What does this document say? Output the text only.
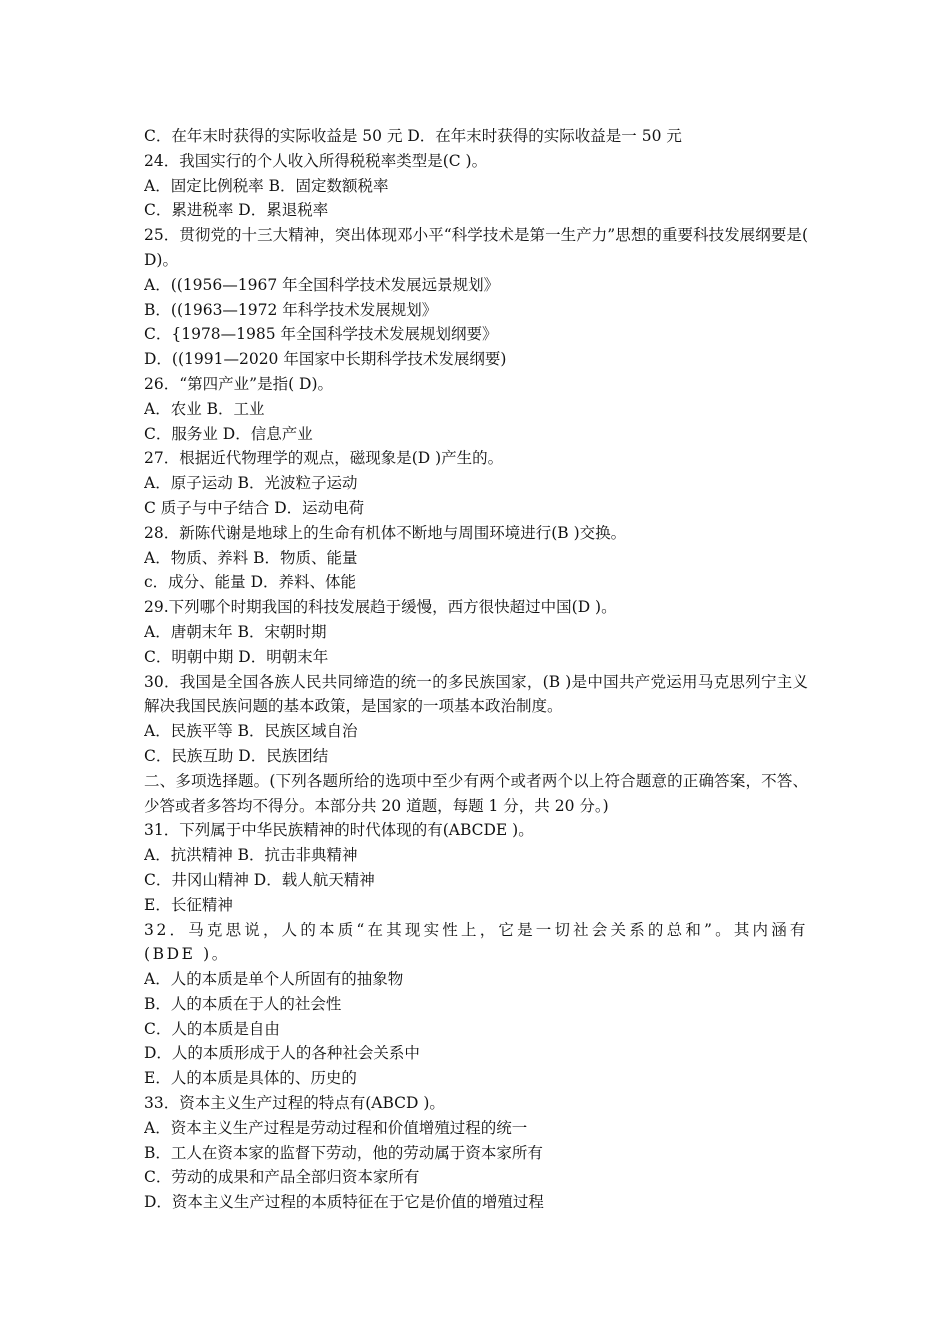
C．在年末时获得的实际收益是 50 元 D．在年末时获得的实际收益是一 50 元
24．我国实行的个人收入所得税税率类型是(C )。
A．固定比例税率 B．固定数额税率
C．累进税率 D．累退税率
25．贯彻党的十三大精神，突出体现邓小平“科学技术是第一生产力”思想的重要科技发展纲要是( D)。
A．((1956—1967 年全国科学技术发展远景规划》
B．((1963—1972 年科学技术发展规划》
C．{1978—1985 年全国科学技术发展规划纲要》
D．((1991—2020 年国家中长期科学技术发展纲要)
26．“第四产业”是指( D)。
A．农业 B．工业
C．服务业 D．信息产业
27．根据近代物理学的观点，磁现象是(D )产生的。
A．原子运动 B．光波粒子运动
C 质子与中子结合 D．运动电荷
28．新陈代谢是地球上的生命有机体不断地与周围环境进行(B )交换。
A．物质、养料 B．物质、能量
c．成分、能量 D．养料、体能
29.下列哪个时期我国的科技发展趋于缓慢，西方很快超过中国(D )。
A．唐朝末年 B．宋朝时期
C．明朝中期 D．明朝末年
30．我国是全国各族人民共同缔造的统一的多民族国家，(B )是中国共产党运用马克思列宁主义解决我国民族问题的基本政策，是国家的一项基本政治制度。
A．民族平等 B．民族区域自治
C．民族互助 D．民族团结
二、多项选择题。(下列各题所给的选项中至少有两个或者两个以上符合题意的正确答案，不答、少答或者多答均不得分。本部分共 20 道题，每题 1 分，共 20 分。)
31．下列属于中华民族精神的时代体现的有(ABCDE )。
A．抗洪精神 B．抗击非典精神
C．井冈山精神 D．载人航天精神
E．长征精神
32．马克思说，人的本质“在其现实性上，它是一切社会关系的总和”。其内涵有(BDE )。
A．人的本质是单个人所固有的抽象物
B．人的本质在于人的社会性
C．人的本质是自由
D．人的本质形成于人的各种社会关系中
E．人的本质是具体的、历史的
33．资本主义生产过程的特点有(ABCD )。
A．资本主义生产过程是劳动过程和价值增殖过程的统一
B．工人在资本家的监督下劳动，他的劳动属于资本家所有
C．劳动的成果和产品全部归资本家所有
D．资本主义生产过程的本质特征在于它是价值的增殖过程
